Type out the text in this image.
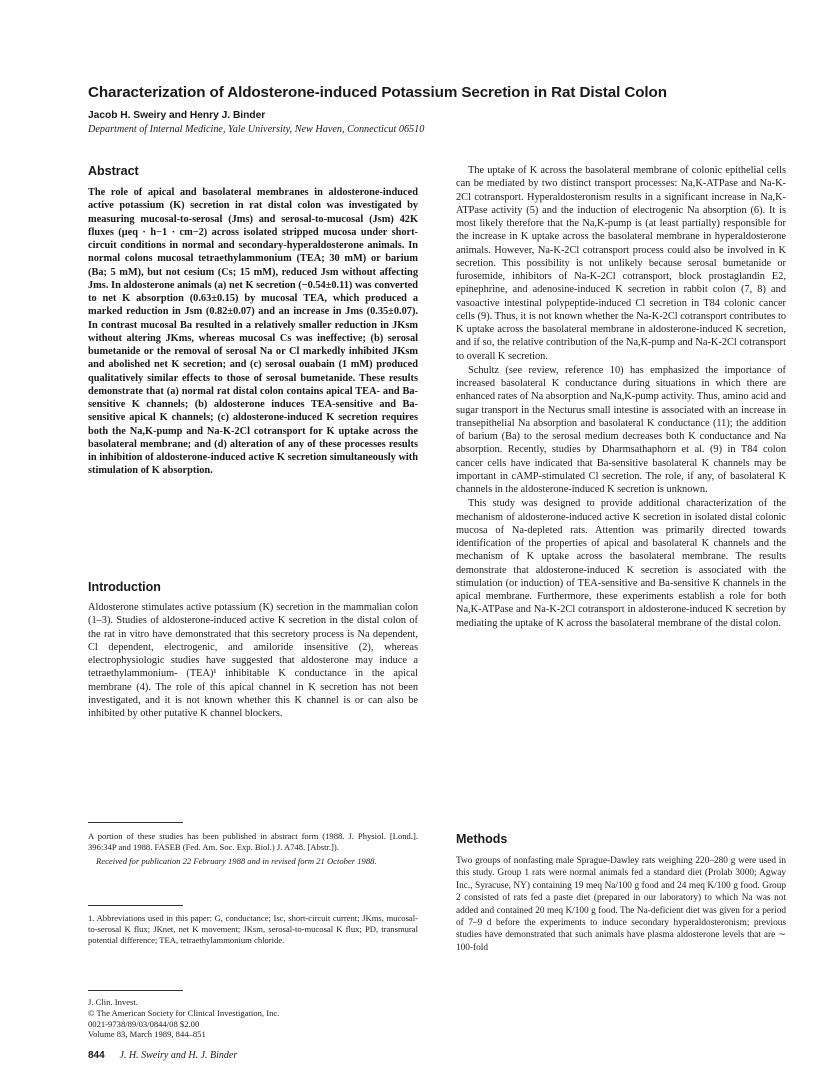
Characterization of Aldosterone-induced Potassium Secretion in Rat Distal Colon
Jacob H. Sweiry and Henry J. Binder
Department of Internal Medicine, Yale University, New Haven, Connecticut 06510
Abstract

The role of apical and basolateral membranes in aldosterone-induced active potassium (K) secretion in rat distal colon was investigated by measuring mucosal-to-serosal (Jms) and serosal-to-mucosal (Jsm) 42K fluxes (μeq · h−1 · cm−2) across isolated stripped mucosa under short-circuit conditions in normal and secondary-hyperaldosterone animals. In normal colons mucosal tetraethylammonium (TEA; 30 mM) or barium (Ba; 5 mM), but not cesium (Cs; 15 mM), reduced Jsm without affecting Jms. In aldosterone animals (a) net K secretion (−0.54±0.11) was converted to net K absorption (0.63±0.15) by mucosal TEA, which produced a marked reduction in Jsm (0.82±0.07) and an increase in Jms (0.35±0.07). In contrast mucosal Ba resulted in a relatively smaller reduction in JKsm without altering JKms, whereas mucosal Cs was ineffective; (b) serosal bumetanide or the removal of serosal Na or Cl markedly inhibited JKsm and abolished net K secretion; and (c) serosal ouabain (1 mM) produced qualitatively similar effects to those of serosal bumetanide. These results demonstrate that (a) normal rat distal colon contains apical TEA- and Ba-sensitive K channels; (b) aldosterone induces TEA-sensitive and Ba-sensitive apical K channels; (c) aldosterone-induced K secretion requires both the Na,K-pump and Na-K-2Cl cotransport for K uptake across the basolateral membrane; and (d) alteration of any of these processes results in inhibition of aldosterone-induced active K secretion simultaneously with stimulation of K absorption.

Introduction

Aldosterone stimulates active potassium (K) secretion in the mammalian colon (1–3). Studies of aldosterone-induced active K secretion in the distal colon of the rat in vitro have demonstrated that this secretory process is Na dependent, Cl dependent, electrogenic, and amiloride insensitive (2), whereas electrophysiologic studies have suggested that aldosterone may induce a tetraethylammonium- (TEA)¹ inhibitable K conductance in the apical membrane (4). The role of this apical channel in K secretion has not been investigated, and it is not known whether this K channel is or can also be inhibited by other putative K channel blockers.

A portion of these studies has been published in abstract form (1988. J. Physiol. [Lond.]. 396:34P and 1988. FASEB (Fed. Am. Soc. Exp. Biol.) J. A748. [Abstr.]).

Received for publication 22 February 1988 and in revised form 21 October 1988.

1. Abbreviations used in this paper: G, conductance; Isc, short-circuit current; JKms, mucosal-to-serosal K flux; JKnet, net K movement; JKsm, serosal-to-mucosal K flux; PD, transmural potential difference; TEA, tetraethylammonium chloride.

J. Clin. Invest.
© The American Society for Clinical Investigation, Inc.
0021-9738/89/03/0844/08 $2.00
Volume 83, March 1989, 844–851

The uptake of K across the basolateral membrane of colonic epithelial cells can be mediated by two distinct transport processes: Na,K-ATPase and Na-K-2Cl cotransport. Hyperaldosteronism results in a significant increase in Na,K-ATPase activity (5) and the induction of electrogenic Na absorption (6). It is most likely therefore that the Na,K-pump is (at least partially) responsible for the increase in K uptake across the basolateral membrane in hyperaldosterone animals. However, Na-K-2Cl cotransport process could also be involved in K secretion. This possibility is not unlikely because serosal bumetanide or furosemide, inhibitors of Na-K-2Cl cotransport, block prostaglandin E2, epinephrine, and adenosine-induced K secretion in rabbit colon (7, 8) and vasoactive intestinal polypeptide-induced Cl secretion in T84 colonic cancer cells (9). Thus, it is not known whether the Na-K-2Cl cotransport contributes to K uptake across the basolateral membrane in aldosterone-induced K secretion, and if so, the relative contribution of the Na,K-pump and Na-K-2Cl cotransport to overall K secretion.

Schultz (see review, reference 10) has emphasized the importance of increased basolateral K conductance during situations in which there are enhanced rates of Na absorption and Na,K-pump activity. Thus, amino acid and sugar transport in the Necturus small intestine is associated with an increase in transepithelial Na absorption and basolateral K conductance (11); the addition of barium (Ba) to the serosal medium decreases both K conductance and Na absorption. Recently, studies by Dharmsathaphorn et al. (9) in T84 colon cancer cells have indicated that Ba-sensitive basolateral K channels may be important in cAMP-stimulated Cl secretion. The role, if any, of basolateral K channels in the aldosterone-induced K secretion is unknown.

This study was designed to provide additional characterization of the mechanism of aldosterone-induced active K secretion in isolated distal colonic mucosa of Na-depleted rats. Attention was primarily directed towards identification of the properties of apical and basolateral K channels and the mechanism of K uptake across the basolateral membrane. The results demonstrate that aldosterone-induced K secretion is associated with the stimulation (or induction) of TEA-sensitive and Ba-sensitive K channels in the apical membrane. Furthermore, these experiments establish a role for both Na,K-ATPase and Na-K-2Cl cotransport in aldosterone-induced K secretion by mediating the uptake of K across the basolateral membrane of the distal colon.

Methods

Two groups of nonfasting male Sprague-Dawley rats weighing 220–280 g were used in this study. Group 1 rats were normal animals fed a standard diet (Prolab 3000; Agway Inc., Syracuse, NY) containing 19 meq Na/100 g food and 24 meq K/100 g food. Group 2 consisted of rats fed a paste diet (prepared in our laboratory) to which Na was not added and contained 20 meq K/100 g food. The Na-deficient diet was given for a period of 7–9 d before the experiments to induce secondary hyperaldosteronism; previous studies have demonstrated that such animals have plasma aldosterone levels that are ∼ 100-fold

844 J. H. Sweiry and H. J. Binder
